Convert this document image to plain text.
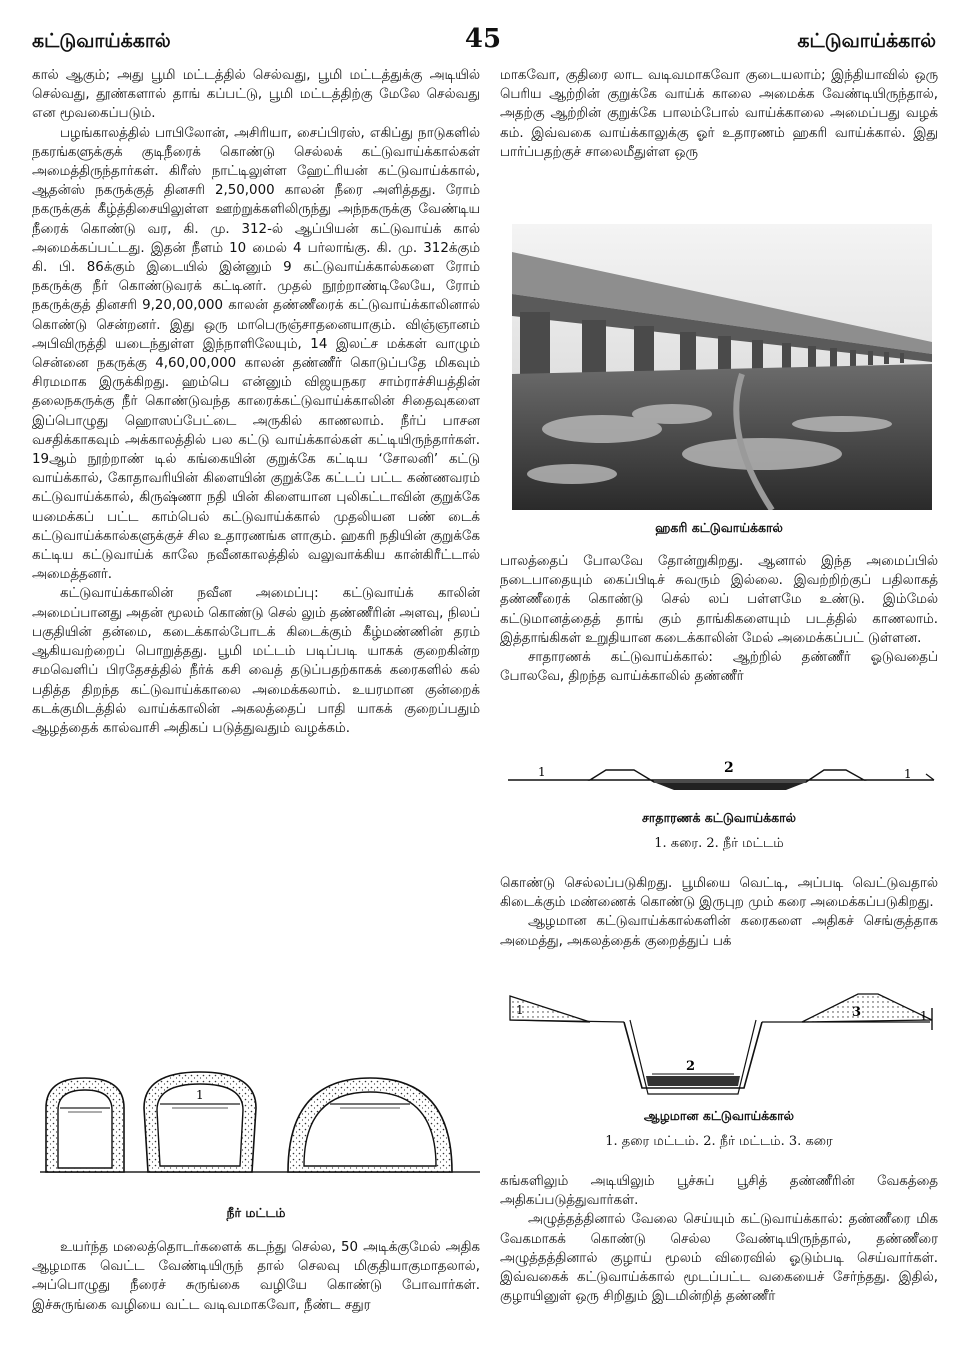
கட்டுவாய்க்கால்	45	கட்டுவாய்க்கால்

கால் ஆகும்; அது பூமி மட்டத்தில் செல்வது, பூமி மட்டத்துக்கு அடியில் செல்வது, தூண்களால் தாங் கப்பட்டு, பூமி மட்டத்திற்கு மேலே செல்வது என மூவகைப்படும்.

பழங்காலத்தில் பாபிலோன், அசிரியா, சைப்பிரஸ், எகிப்து நாடுகளில் நகரங்களுக்குக் குடிநீரைக் கொண்டு செல்லக் கட்டுவாய்க்கால்கள் அமைத்திருந்தார்கள். கிரீஸ் நாட்டிலுள்ள ஹேட்ரியன் கட்டுவாய்க்கால், ஆதன்ஸ் நகருக்குத் தினசரி 2,50,000 காலன் நீரை அளித்தது. ரோம் நகருக்குக் கீழ்த்திசையிலுள்ள ஊற்றுக்களிலிருந்து அந்நகருக்கு வேண்டிய நீரைக் கொண்டு வர, கி. மு. 312-ல் ஆப்பியன் கட்டுவாய்க் கால் அமைக்கப்பட்டது. இதன் நீளம் 10 மைல் 4 பர்லாங்கு. கி. மு. 312க்கும் கி. பி. 86க்கும் இடையில் இன்னும் 9 கட்டுவாய்க்கால்களை ரோம் நகருக்கு நீர் கொண்டுவரக் கட்டினர். முதல் நூற்றாண்டிலேயே, ரோம் நகருக்குத் தினசரி 9,20,00,000 காலன் தண்ணீரைக் கட்டுவாய்க்காலினால் கொண்டு சென்றனர். இது ஒரு மாபெருஞ்சாதனையாகும். விஞ்ஞானம் அபிவிருத்தி யடைந்துள்ள இந்நாளிலேயும், 14 இலட்ச மக்கள் வாழும் சென்னை நகருக்கு 4,60,00,000 காலன் தண்ணீர் கொடுப்பதே மிகவும் சிரமமாக இருக்கிறது. ஹம்பெ என்னும் விஜயநகர சாம்ராச்சியத்தின் தலைநகருக்கு நீர் கொண்டுவந்த காரைக்கட்டுவாய்க்காலின் சிதைவுகளை இப்பொழுது ஹொஸப்பேட்டை அருகில் காணலாம். நீர்ப் பாசன வசதிக்காகவும் அக்காலத்தில் பல கட்டு வாய்க்கால்கள் கட்டியிருந்தார்கள். 19ஆம் நூற்றாண் டில் கங்கையின் குறுக்கே கட்டிய ‘சோலனி’ கட்டு வாய்க்கால், கோதாவரியின் கிளையின் குறுக்கே கட்டப் பட்ட கண்ணவரம் கட்டுவாய்க்கால், கிருஷ்ணா நதி யின் கிளையான புலிகட்டாவின் குறுக்கே யமைக்கப் பட்ட காம்பெல் கட்டுவாய்க்கால் முதலியன பண் டைக் கட்டுவாய்க்கால்களுக்குச் சில உதாரணங்க ளாகும். ஹகரி நதியின் குறுக்கே கட்டிய கட்டுவாய்க் காலே நவீனகாலத்தில் வலுவாக்கிய கான்கிரீட்டால் அமைத்தனர்.

கட்டுவாய்க்காலின் நவீன அமைப்பு: கட்டுவாய்க் காலின் அமைப்பானது அதன் மூலம் கொண்டு செல் லும் தண்ணீரின் அளவு, நிலப் பகுதியின் தன்மை, கடைக்கால்போடக் கிடைக்கும் கீழ்மண்ணின் தரம் ஆகியவற்றைப் பொறுத்தது. பூமி மட்டம் படிப்படி யாகக் குறைகின்ற சமவெளிப் பிரதேசத்தில் நீர்க் கசி வைத் தடுப்பதற்காகக் கரைகளில் கல் பதித்த திறந்த கட்டுவாய்க்காலை அமைக்கலாம். உயரமான குன்றைக் கடக்குமிடத்தில் வாய்க்காலின் அகலத்தைப் பாதி யாகக் குறைப்பதும் ஆழத்தைக் கால்வாசி அதிகப் படுத்துவதும் வழக்கம்.

1
நீர் மட்டம்

உயர்ந்த மலைத்தொடர்களைக் கடந்து செல்ல, 50 அடிக்குமேல் அதிக ஆழமாக வெட்ட வேண்டியிருந் தால் செலவு மிகுதியாகுமாதலால், அப்பொழுது நீரைச் சுருங்கை வழியே கொண்டு போவார்கள். இச்சுருங்கை வழியை வட்ட வடிவமாகவோ, நீண்ட சதுர

மாகவோ, குதிரை லாட வடிவமாகவோ குடையலாம்; இந்தியாவில் ஒரு பெரிய ஆற்றின் குறுக்கே வாய்க் காலை அமைக்க வேண்டியிருந்தால், அதற்கு ஆற்றின் குறுக்கே பாலம்போல் வாய்க்காலை அமைப்பது வழக் கம். இவ்வகை வாய்க்காலுக்கு ஓர் உதாரணம் ஹகரி வாய்க்கால். இது பார்ப்பதற்குச் சாலைமீதுள்ள ஒரு

ஹகரி கட்டுவாய்க்கால்

பாலத்தைப் போலவே தோன்றுகிறது. ஆனால் இந்த அமைப்பில் நடைபாதையும் கைப்பிடிச் சுவரும் இல்லை. இவற்றிற்குப் பதிலாகத் தண்ணீரைக் கொண்டு செல் லப் பள்ளமே உண்டு. இம்மேல் கட்டுமானத்தைத் தாங் கும் தாங்கிகளையும் படத்தில் காணலாம். இத்தாங்கிகள் உறுதியான கடைக்காலின் மேல் அமைக்கப்பட் டுள்ளன.

சாதாரணக் கட்டுவாய்க்கால்: ஆற்றில் தண்ணீர் ஓடுவதைப் போலவே, திறந்த வாய்க்காலில் தண்ணீர்

1	2	1
சாதாரணக் கட்டுவாய்க்கால்
1. கரை. 2. நீர் மட்டம்

கொண்டு செல்லப்படுகிறது. பூமியை வெட்டி, அப்படி வெட்டுவதால் கிடைக்கும் மண்ணைக் கொண்டு இருபுற மும் கரை அமைக்கப்படுகிறது.

ஆழமான கட்டுவாய்க்கால்களின் கரைகளை அதிகச் செங்குத்தாக அமைத்து, அகலத்தைக் குறைத்துப் பக்

1
2
3	1
ஆழமான கட்டுவாய்க்கால்
1. தரை மட்டம். 2. நீர் மட்டம். 3. கரை

கங்களிலும் அடியிலும் பூச்சுப் பூசித் தண்ணீரின் வேகத்தை அதிகப்படுத்துவார்கள்.

அழுத்தத்தினால் வேலை செய்யும் கட்டுவாய்க்கால்: தண்ணீரை மிக வேகமாகக் கொண்டு செல்ல வேண்டியிருந்தால், தண்ணீரை அழுத்தத்தினால் குழாய் மூலம் விரைவில் ஓடும்படி செய்வார்கள். இவ்வகைக் கட்டுவாய்க்கால் மூடப்பட்ட வகையைச் சேர்ந்தது. இதில், குழாயினுள் ஒரு சிறிதும் இடமின்றித் தண்ணீர்
